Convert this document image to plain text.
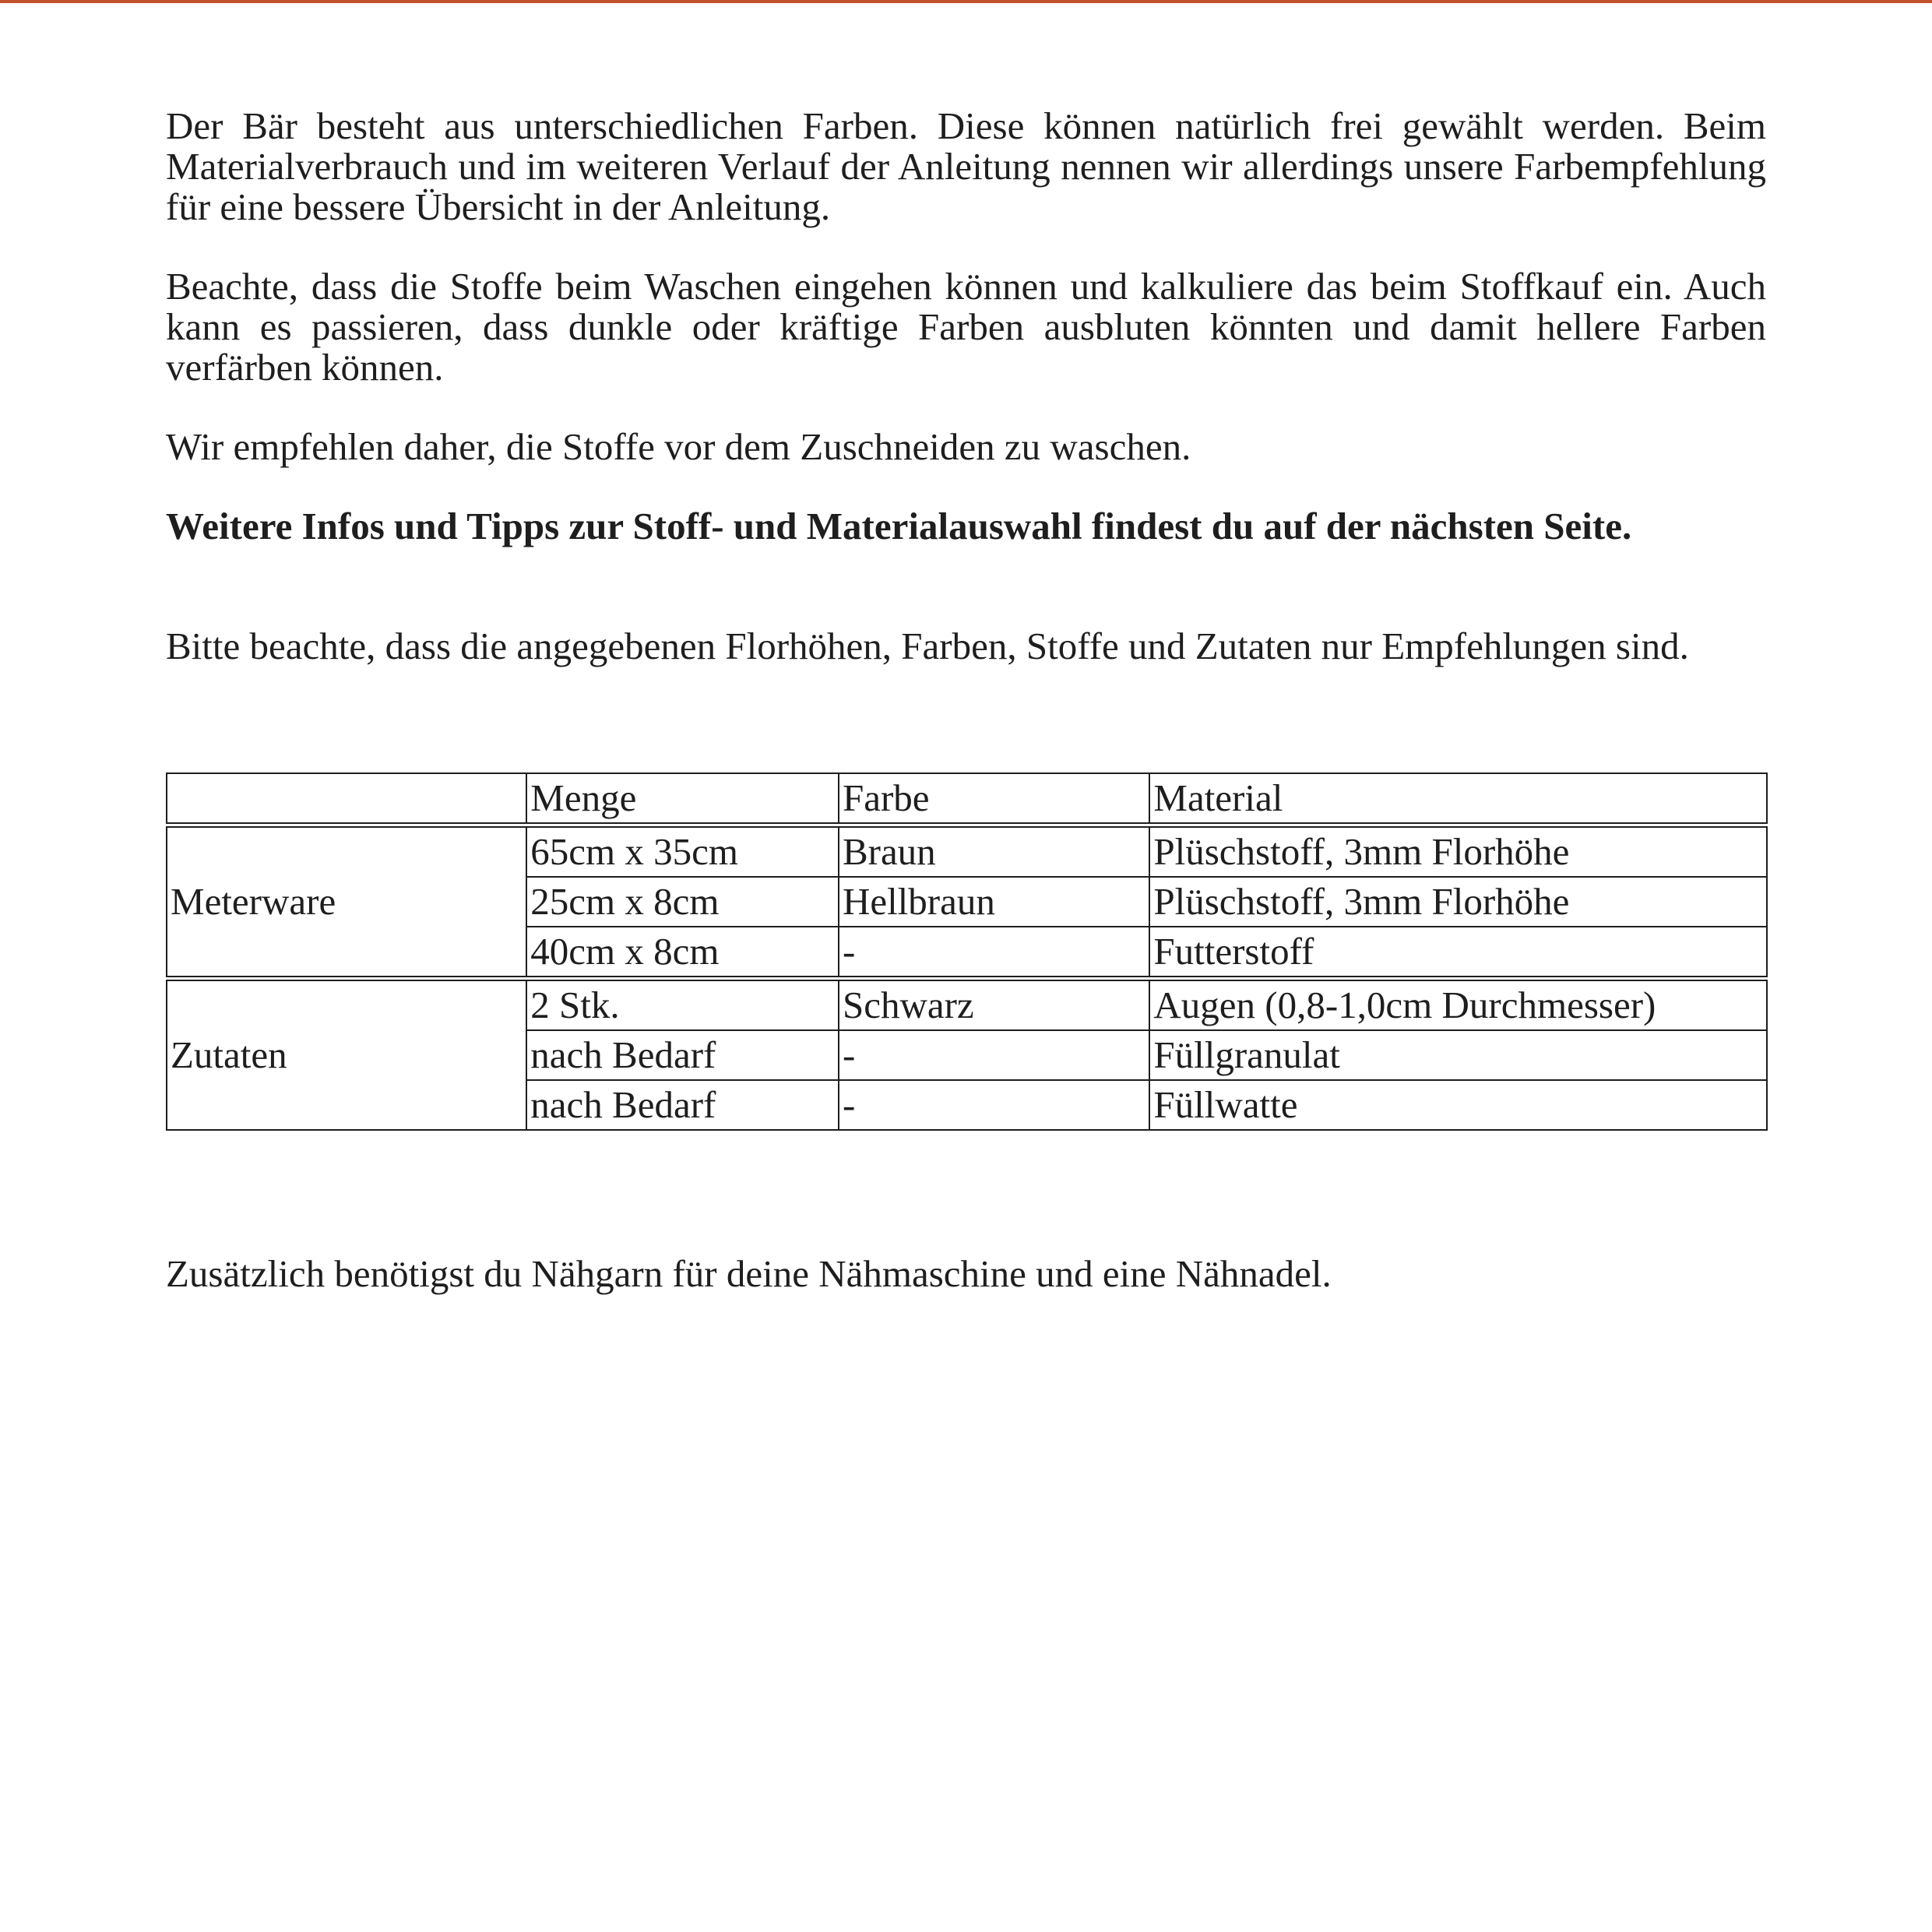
Der Bär besteht aus unterschiedlichen Farben. Diese können natürlich frei gewählt werden. Beim Materialverbrauch und im weiteren Verlauf der Anleitung nennen wir allerdings unsere Farbempfehlung für eine bessere Übersicht in der Anleitung.

Beachte, dass die Stoffe beim Waschen eingehen können und kalkuliere das beim Stoffkauf ein. Auch kann es passieren, dass dunkle oder kräftige Farben ausbluten könnten und damit hellere Farben verfärben können.

Wir empfehlen daher, die Stoffe vor dem Zuschneiden zu waschen.

Weitere Infos und Tipps zur Stoff- und Materialauswahl findest du auf der nächsten Seite.

Bitte beachte, dass die angegebenen Florhöhen, Farben, Stoffe und Zutaten nur Empfehlungen sind.

	Menge	Farbe	Material
Meterware	65cm x 35cm	Braun	Plüschstoff, 3mm Florhöhe
	25cm x 8cm	Hellbraun	Plüschstoff, 3mm Florhöhe
	40cm x 8cm	-	Futterstoff
Zutaten	2 Stk.	Schwarz	Augen (0,8-1,0cm Durchmesser)
	nach Bedarf	-	Füllgranulat
	nach Bedarf	-	Füllwatte

Zusätzlich benötigst du Nähgarn für deine Nähmaschine und eine Nähnadel.
